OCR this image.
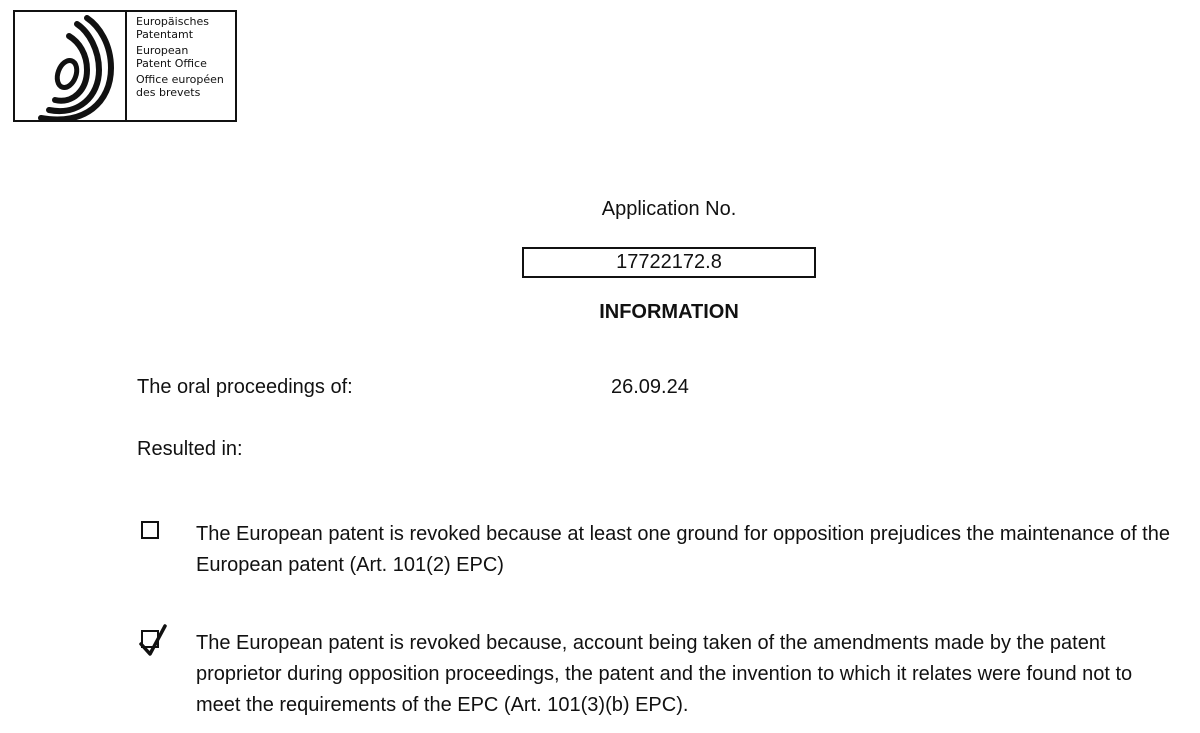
Europäisches
Patentamt
European
Patent Office
Office européen
des brevets
Application No.
17722172.8
INFORMATION
The oral proceedings of:	26.09.24
Resulted in:
The European patent is revoked because at least one ground for opposition prejudices the maintenance of the European patent (Art. 101(2) EPC)
The European patent is revoked because, account being taken of the amendments made by the patent proprietor during opposition proceedings, the patent and the invention to which it relates were found not to meet the requirements of the EPC (Art. 101(3)(b) EPC).
